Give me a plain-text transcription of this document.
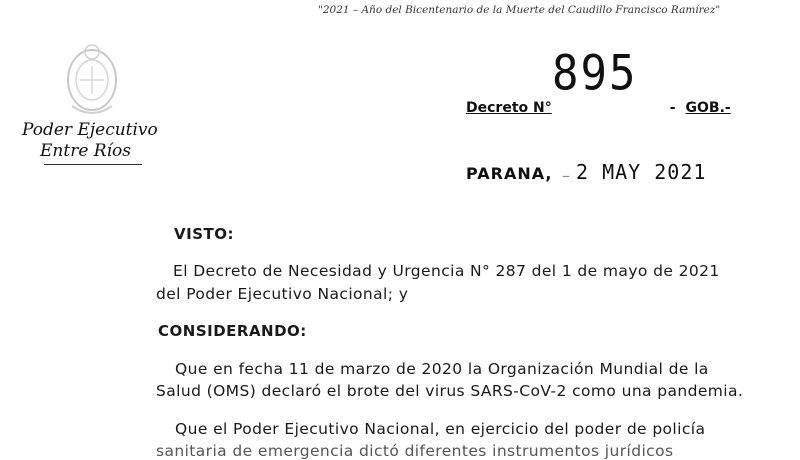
"2021 – Año del Bicentenario de la Muerte del Caudillo Francisco Ramírez"
Poder Ejecutivo
Entre Ríos
895
Decreto N°	- GOB.-
PARANA, — 2 MAY 2021
VISTO:
El Decreto de Necesidad y Urgencia N° 287 del 1 de mayo de 2021
del Poder Ejecutivo Nacional; y
CONSIDERANDO:
Que en fecha 11 de marzo de 2020 la Organización Mundial de la
Salud (OMS) declaró el brote del virus SARS-CoV-2 como una pandemia.
Que el Poder Ejecutivo Nacional, en ejercicio del poder de policía
sanitaria de emergencia dictó diferentes instrumentos jurídicos
